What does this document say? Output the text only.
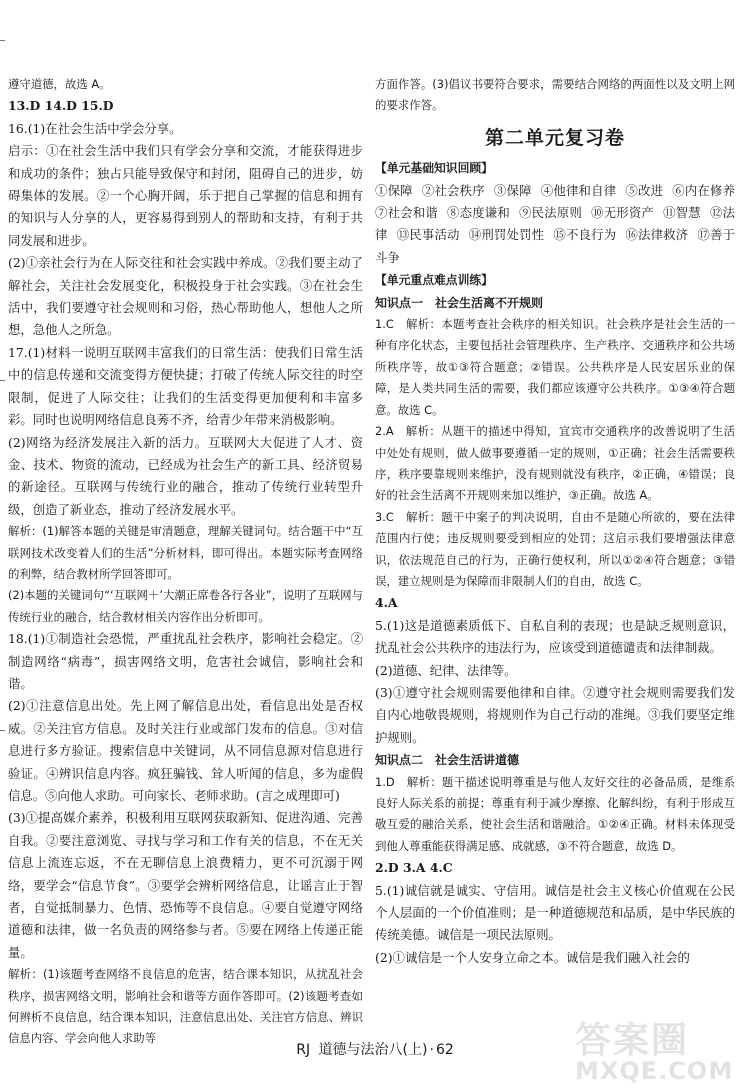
遵守道德，故选 A。
13.D 14.D 15.D
16.(1)在社会生活中学会分享。
启示：①在社会生活中我们只有学会分享和交流，才能获得进步和成功的条件；独占只能导致保守和封闭，阻碍自己的进步，妨碍集体的发展。②一个心胸开阔，乐于把自己掌握的信息和拥有的知识与人分享的人，更容易得到别人的帮助和支持，有利于共同发展和进步。
(2)①亲社会行为在人际交往和社会实践中养成。②我们要主动了解社会，关注社会发展变化，积极投身于社会实践。③在社会生活中，我们要遵守社会规则和习俗，热心帮助他人，想他人之所想，急他人之所急。
17.(1)材料一说明互联网丰富我们的日常生活：使我们日常生活中的信息传递和交流变得方便快捷；打破了传统人际交往的时空限制，促进了人际交往；让我们的生活变得更加便利和丰富多彩。同时也说明网络信息良莠不齐，给青少年带来消极影响。
(2)网络为经济发展注入新的活力。互联网大大促进了人才、资金、技术、物资的流动，已经成为社会生产的新工具、经济贸易的新途径。互联网与传统行业的融合，推动了传统行业转型升级，创造了新业态，推动了经济发展水平。
解析：(1)解答本题的关键是审清题意，理解关键词句。结合题干中“互联网技术改变着人们的生活”分析材料，即可得出。本题实际考查网络的利弊，结合教材所学回答即可。
(2)本题的关键词句“‘互联网＋’大潮正席卷各行各业”，说明了互联网与传统行业的融合，结合教材相关内容作出分析即可。
18.(1)①制造社会恐慌，严重扰乱社会秩序，影响社会稳定。②制造网络“病毒”，损害网络文明，危害社会诚信，影响社会和谐。
(2)①注意信息出处。先上网了解信息出处，看信息出处是否权威。②关注官方信息。及时关注行业或部门发布的信息。③对信息进行多方验证。搜索信息中关键词，从不同信息源对信息进行验证。④辨识信息内容。疯狂骗钱、耸人听闻的信息，多为虚假信息。⑤向他人求助。可向家长、老师求助。(言之成理即可)
(3)①提高媒介素养，积极利用互联网获取新知、促进沟通、完善自我。②要注意浏览、寻找与学习和工作有关的信息，不在无关信息上流连忘返，不在无聊信息上浪费精力，更不可沉溺于网络，要学会“信息节食”。③要学会辨析网络信息，让谣言止于智者，自觉抵制暴力、色情、恐怖等不良信息。④要自觉遵守网络道德和法律，做一名负责的网络参与者。⑤要在网络上传递正能量。
解析：(1)该题考查网络不良信息的危害，结合课本知识，从扰乱社会秩序，损害网络文明，影响社会和谐等方面作答即可。(2)该题考查如何辨析不良信息，结合课本知识，注意信息出处、关注官方信息、辨识信息内容、学会向他人求助等
方面作答。(3)倡议书要符合要求，需要结合网络的两面性以及文明上网的要求作答。
第二单元复习卷
【单元基础知识回顾】
①保障 ②社会秩序 ③保障 ④他律和自律 ⑤改进 ⑥内在修养 ⑦社会和谐 ⑧态度谦和 ⑨民法原则 ⑩无形资产 ⑪智慧 ⑫法律 ⑬民事活动 ⑭刑罚处罚性 ⑮不良行为 ⑯法律救济 ⑰善于斗争
【单元重点难点训练】
知识点一　社会生活离不开规则
1.C　解析：本题考查社会秩序的相关知识。社会秩序是社会生活的一种有序化状态，主要包括社会管理秩序、生产秩序、交通秩序和公共场所秩序等，故①③符合题意；②错误。公共秩序是人民安居乐业的保障，是人类共同生活的需要，我们都应该遵守公共秩序。①③④符合题意。故选 C。
2.A　解析：从题干的描述中得知，宜宾市交通秩序的改善说明了生活中处处有规则，做人做事要遵循一定的规则，①正确；社会生活需要秩序，秩序要靠规则来维护，没有规则就没有秩序，②正确，④错误；良好的社会生活离不开规则来加以维护，③正确。故选 A。
3.C　解析：题干中案子的判决说明，自由不是随心所欲的，要在法律范围内行使；违反规则要受到相应的处罚；这启示我们要增强法律意识，依法规范自己的行为，正确行使权利，所以①②④符合题意；③错误，建立规则是为保障而非限制人们的自由，故选 C。
4.A
5.(1)这是道德素质低下、自私自利的表现；也是缺乏规则意识，扰乱社会公共秩序的违法行为，应该受到道德谴责和法律制裁。
(2)道德、纪律、法律等。
(3)①遵守社会规则需要他律和自律。②遵守社会规则需要我们发自内心地敬畏规则，将规则作为自己行动的准绳。③我们要坚定维护规则。
知识点二　社会生活讲道德
1.D　解析：题干描述说明尊重是与他人友好交往的必备品质，是维系良好人际关系的前提；尊重有利于减少摩擦、化解纠纷，有利于形成互敬互爱的融洽关系，使社会生活和谐融洽。①②④正确。材料未体现受到他人尊重能获得满足感、成就感，③不符合题意，故选 D。
2.D 3.A 4.C
5.(1)诚信就是诚实、守信用。诚信是社会主义核心价值观在公民个人层面的一个价值准则；是一种道德规范和品质，是中华民族的传统美德。诚信是一项民法原则。
(2)①诚信是一个人安身立命之本。诚信是我们融入社会的
RJ 道德与法治八(上) · 62	答案圈
MXQE.COM
